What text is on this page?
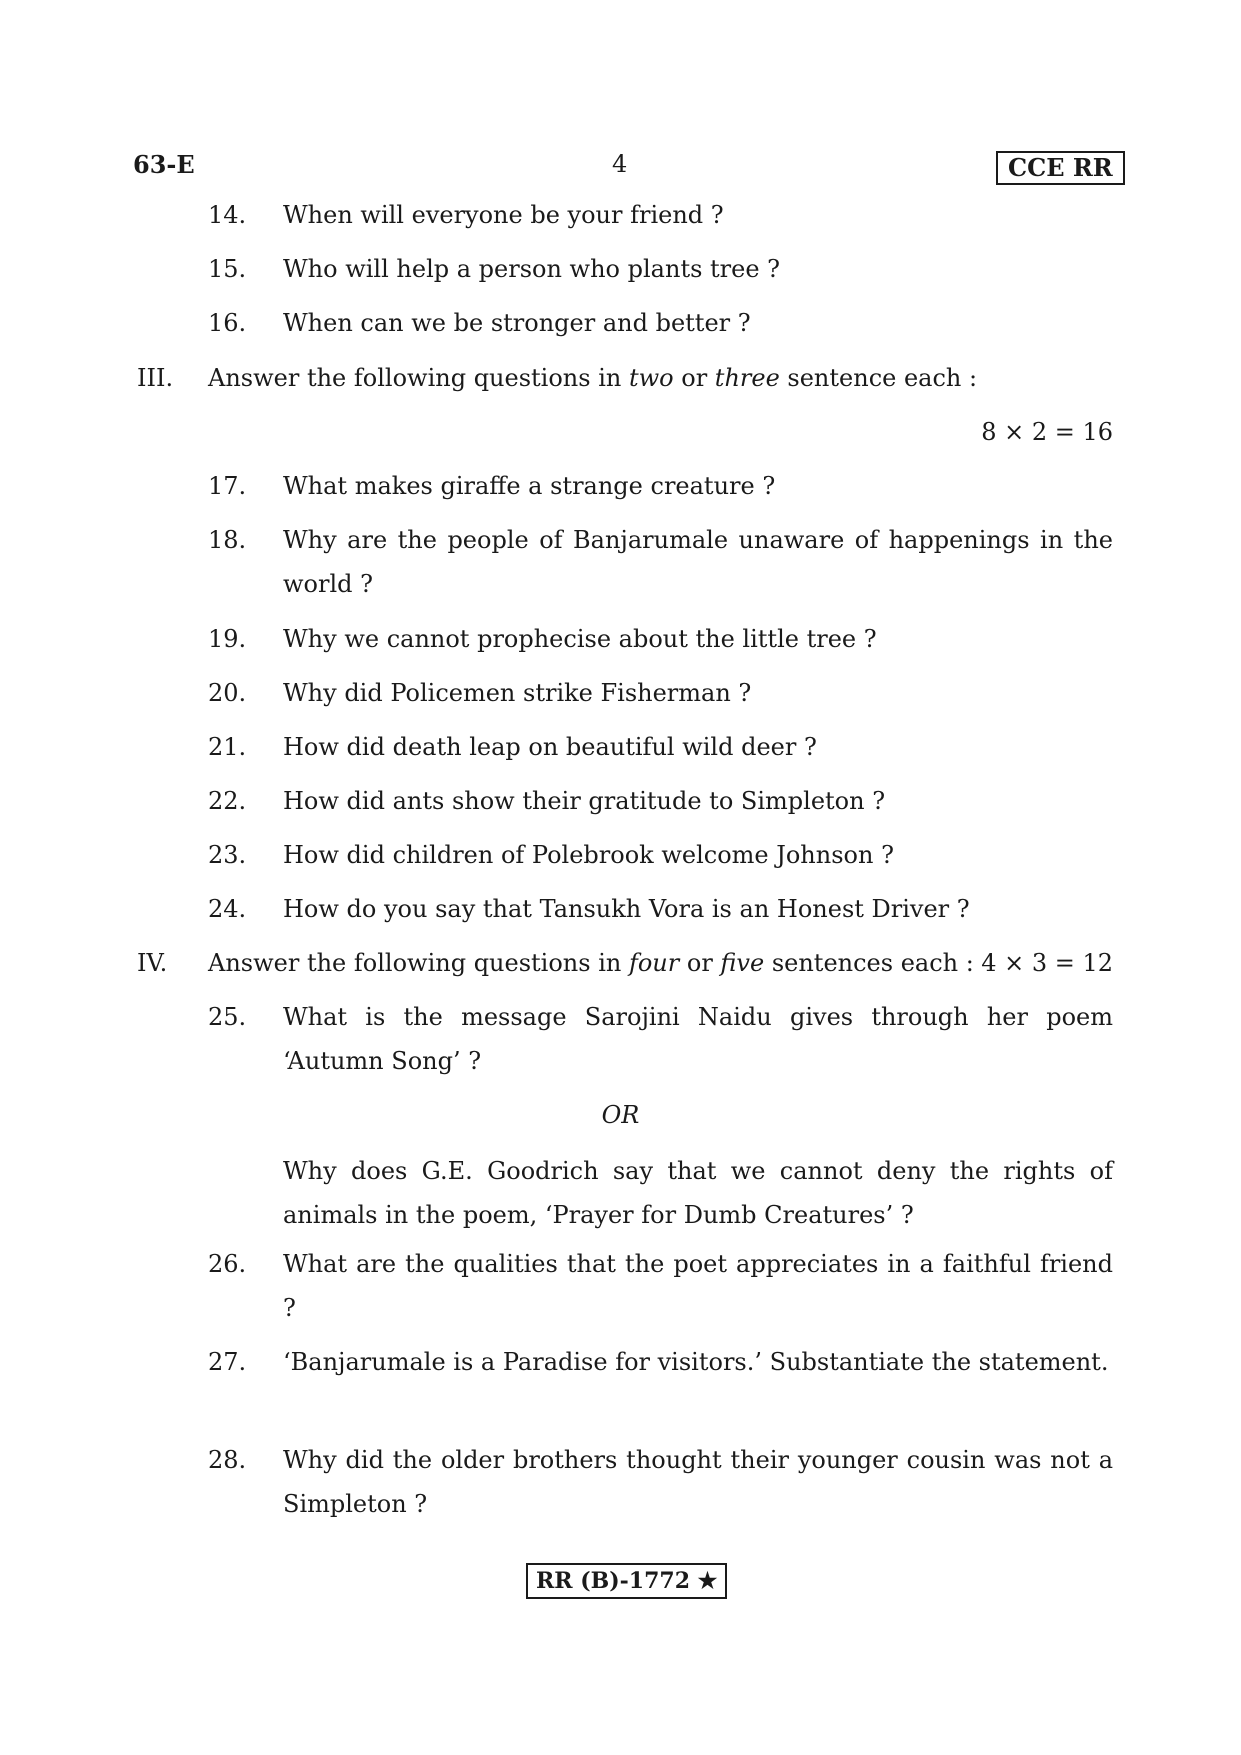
63-E	4	CCE RR
14. When will everyone be your friend ?
15. Who will help a person who plants tree ?
16. When can we be stronger and better ?
III. Answer the following questions in two or three sentence each :
8 × 2 = 16
17. What makes giraffe a strange creature ?
18. Why are the people of Banjarumale unaware of happenings in the world ?
19. Why we cannot prophecise about the little tree ?
20. Why did Policemen strike Fisherman ?
21. How did death leap on beautiful wild deer ?
22. How did ants show their gratitude to Simpleton ?
23. How did children of Polebrook welcome Johnson ?
24. How do you say that Tansukh Vora is an Honest Driver ?
IV. Answer the following questions in four or five sentences each : 4 × 3 = 12
25. What is the message Sarojini Naidu gives through her poem ‘Autumn Song’ ?
OR
Why does G.E. Goodrich say that we cannot deny the rights of animals in the poem, ‘Prayer for Dumb Creatures’ ?
26. What are the qualities that the poet appreciates in a faithful friend ?
27. ‘Banjarumale is a Paradise for visitors.’ Substantiate the statement.
28. Why did the older brothers thought their younger cousin was not a Simpleton ?
RR (B)-1772 ★
